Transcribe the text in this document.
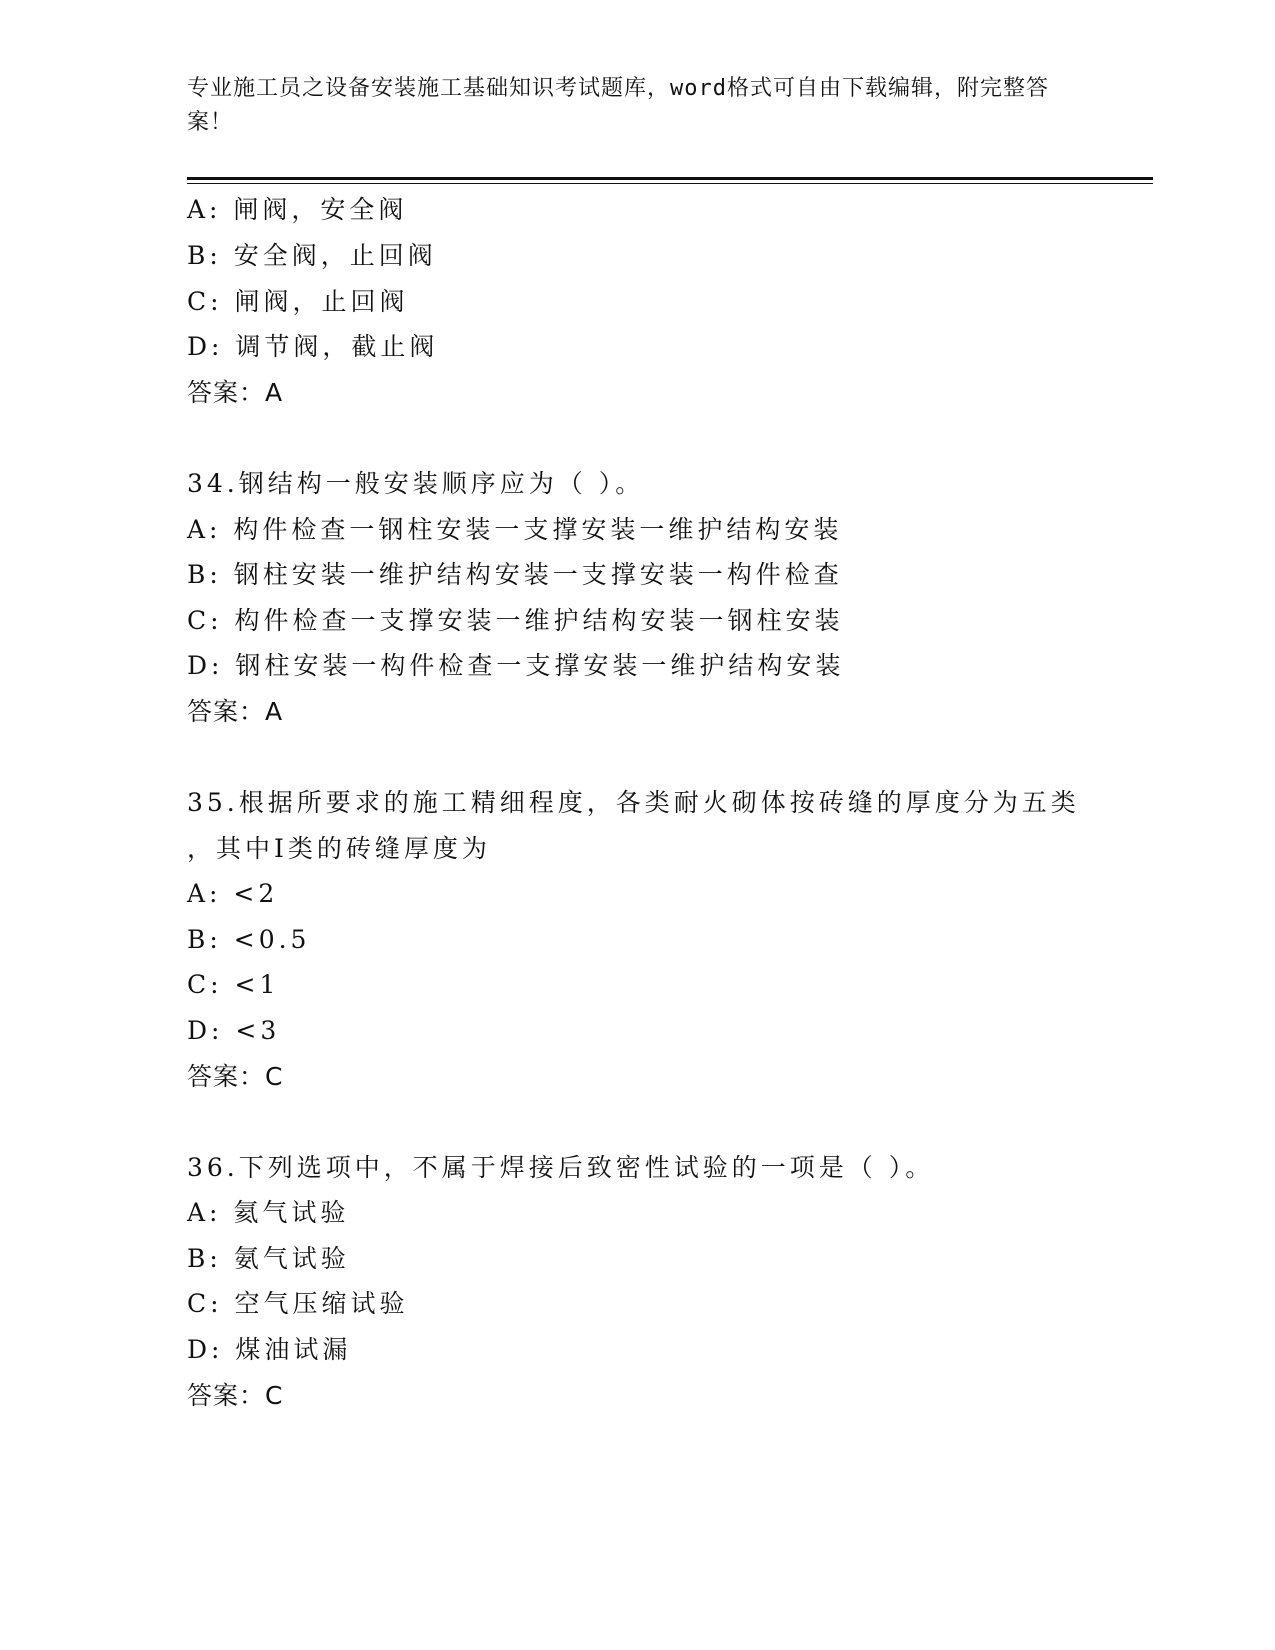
专业施工员之设备安装施工基础知识考试题库，word格式可自由下载编辑，附完整答案！
A: 闸阀，安全阀
B: 安全阀，止回阀
C: 闸阀，止回阀
D: 调节阀，截止阀
答案：A
34.钢结构一般安装顺序应为（ ）。
A: 构件检查一钢柱安装一支撑安装一维护结构安装
B: 钢柱安装一维护结构安装一支撑安装一构件检查
C: 构件检查一支撑安装一维护结构安装一钢柱安装
D: 钢柱安装一构件检查一支撑安装一维护结构安装
答案：A
35.根据所要求的施工精细程度，各类耐火砌体按砖缝的厚度分为五类
，其中Ⅰ类的砖缝厚度为
A: <2
B: <0.5
C: <1
D: <3
答案：C
36.下列选项中，不属于焊接后致密性试验的一项是（ ）。
A: 氦气试验
B: 氨气试验
C: 空气压缩试验
D: 煤油试漏
答案：C
